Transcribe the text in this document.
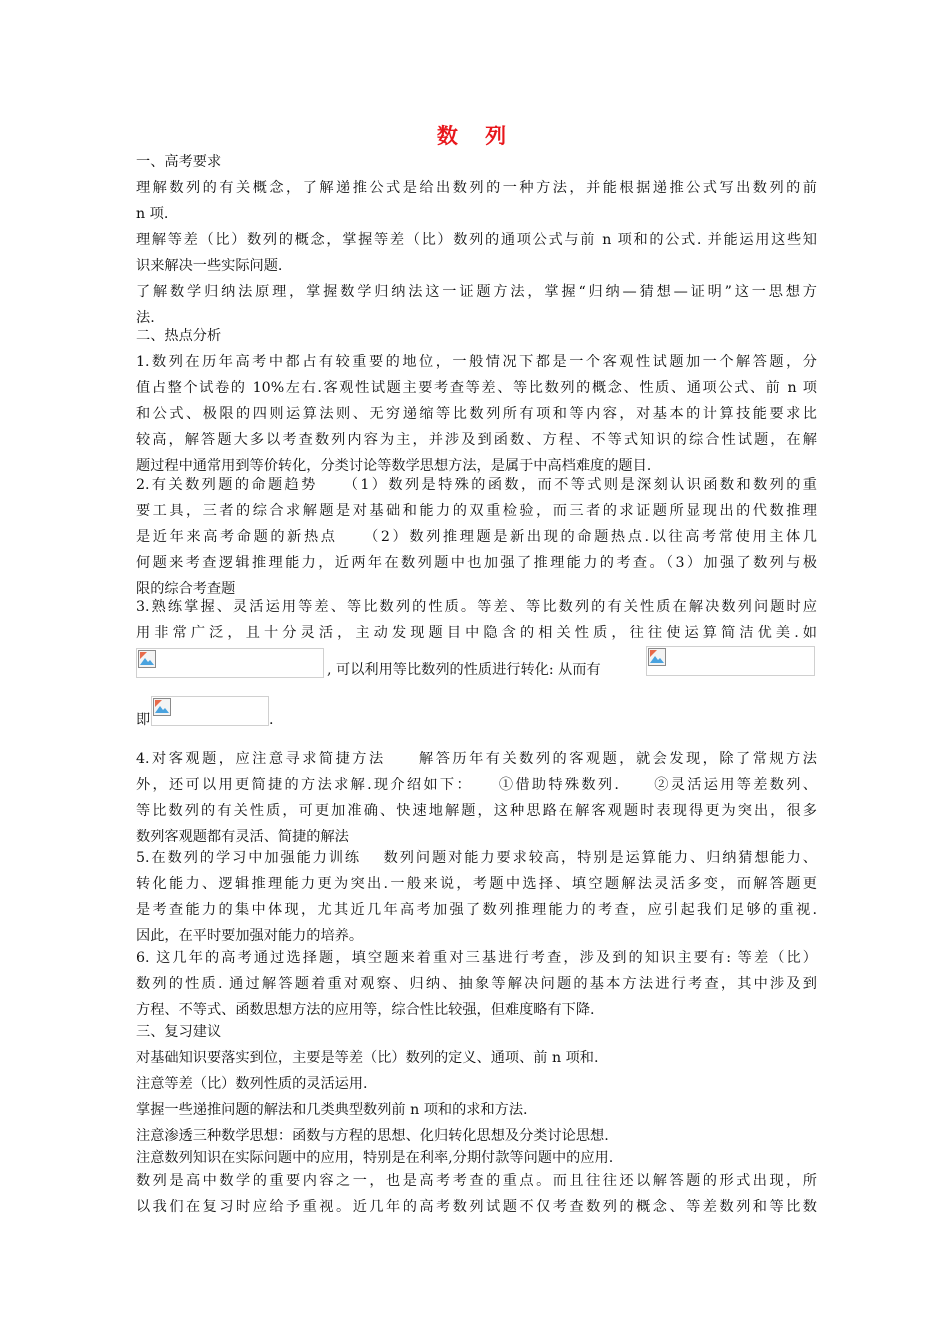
数 列
一、高考要求
理解数列的有关概念，了解递推公式是给出数列的一种方法，并能根据递推公式写出数列的前
n 项.
理解等差（比）数列的概念，掌握等差（比）数列的通项公式与前 n 项和的公式. 并能运用这些知
识来解决一些实际问题.
了解数学归纳法原理，掌握数学归纳法这一证题方法，掌握“归纳—猜想—证明”这一思想方
法.
二、热点分析
1.数列在历年高考中都占有较重要的地位，一般情况下都是一个客观性试题加一个解答题，分
值占整个试卷的 10%左右.客观性试题主要考查等差、等比数列的概念、性质、通项公式、前 n 项
和公式、极限的四则运算法则、无穷递缩等比数列所有项和等内容，对基本的计算技能要求比
较高，解答题大多以考查数列内容为主，并涉及到函数、方程、不等式知识的综合性试题，在解
题过程中通常用到等价转化，分类讨论等数学思想方法，是属于中高档难度的题目.
2.有关数列题的命题趋势　　（1）数列是特殊的函数，而不等式则是深刻认识函数和数列的重
要工具，三者的综合求解题是对基础和能力的双重检验，而三者的求证题所显现出的代数推理
是近年来高考命题的新热点　　（2）数列推理题是新出现的命题热点.以往高考常使用主体几
何题来考查逻辑推理能力，近两年在数列题中也加强了推理能力的考查。（3）加强了数列与极
限的综合考查题
3.熟练掌握、灵活运用等差、等比数列的性质。等差、等比数列的有关性质在解决数列问题时应
用非常广泛，且十分灵活，主动发现题目中隐含的相关性质，往往使运算简洁优美.如
, 可以利用等比数列的性质进行转化: 从而有
即	.
4.对客观题，应注意寻求简捷方法　　解答历年有关数列的客观题，就会发现，除了常规方法
外，还可以用更简捷的方法求解.现介绍如下：　　①借助特殊数列.　　②灵活运用等差数列、
等比数列的有关性质，可更加准确、快速地解题，这种思路在解客观题时表现得更为突出，很多
数列客观题都有灵活、简捷的解法
5.在数列的学习中加强能力训练　 数列问题对能力要求较高，特别是运算能力、归纳猜想能力、
转化能力、逻辑推理能力更为突出.一般来说，考题中选择、填空题解法灵活多变，而解答题更
是考查能力的集中体现，尤其近几年高考加强了数列推理能力的考查，应引起我们足够的重视.
因此，在平时要加强对能力的培养。
6. 这几年的高考通过选择题，填空题来着重对三基进行考查，涉及到的知识主要有: 等差（比）
数列的性质. 通过解答题着重对观察、归纳、抽象等解决问题的基本方法进行考查，其中涉及到
方程、不等式、函数思想方法的应用等，综合性比较强，但难度略有下降.
三、复习建议
对基础知识要落实到位，主要是等差（比）数列的定义、通项、前 n 项和.
注意等差（比）数列性质的灵活运用.
掌握一些递推问题的解法和几类典型数列前 n 项和的求和方法.
注意渗透三种数学思想：函数与方程的思想、化归转化思想及分类讨论思想.
注意数列知识在实际问题中的应用，特别是在利率,分期付款等问题中的应用.
数列是高中数学的重要内容之一，也是高考考查的重点。而且往往还以解答题的形式出现，所
以我们在复习时应给予重视。近几年的高考数列试题不仅考查数列的概念、等差数列和等比数
